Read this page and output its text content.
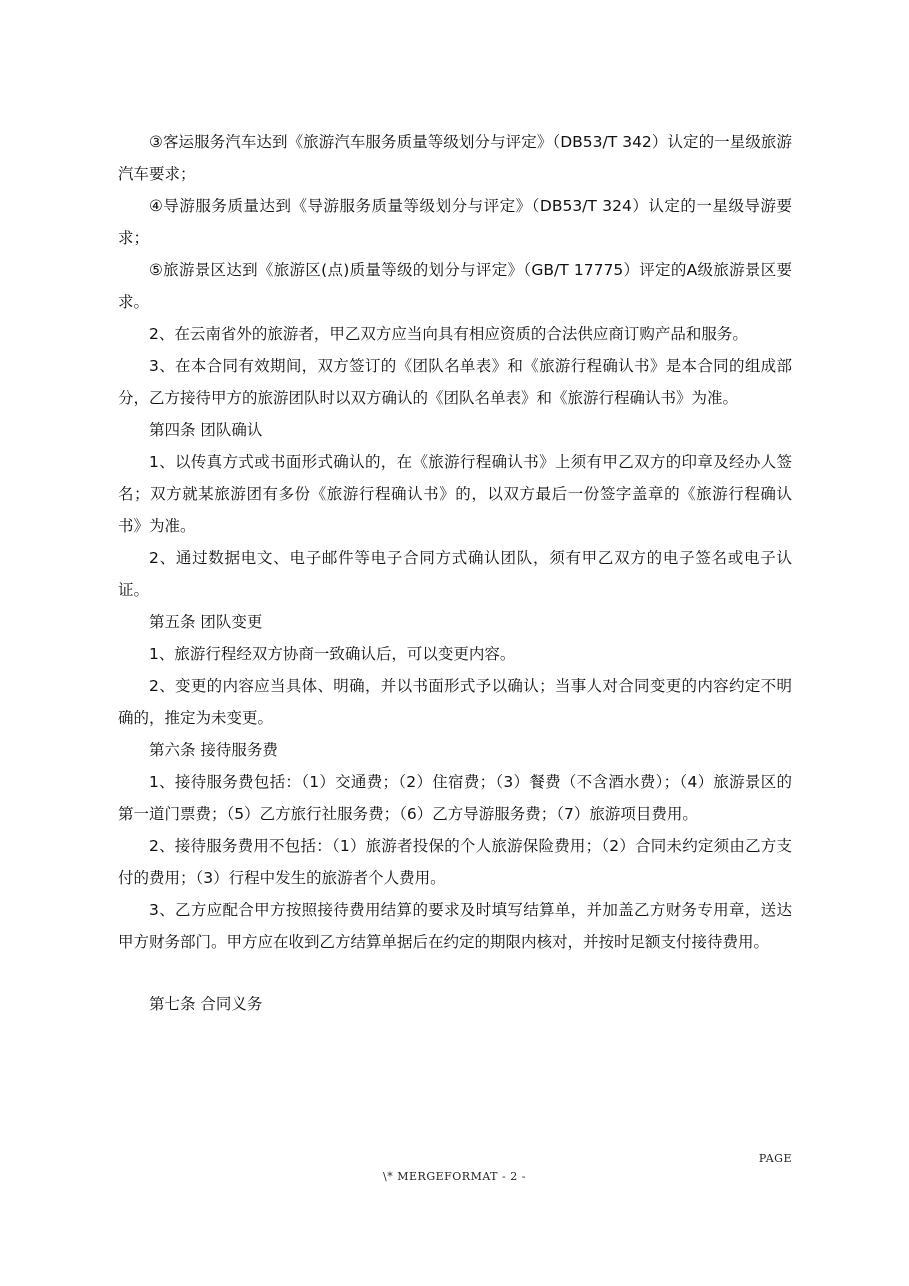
③客运服务汽车达到《旅游汽车服务质量等级划分与评定》（DB53/T 342）认定的一星级旅游汽车要求；

④导游服务质量达到《导游服务质量等级划分与评定》（DB53/T 324）认定的一星级导游要求；

⑤旅游景区达到《旅游区(点)质量等级的划分与评定》（GB/T 17775）评定的A级旅游景区要求。

2、在云南省外的旅游者，甲乙双方应当向具有相应资质的合法供应商订购产品和服务。

3、在本合同有效期间，双方签订的《团队名单表》和《旅游行程确认书》是本合同的组成部分，乙方接待甲方的旅游团队时以双方确认的《团队名单表》和《旅游行程确认书》为准。

第四条 团队确认

1、以传真方式或书面形式确认的，在《旅游行程确认书》上须有甲乙双方的印章及经办人签名；双方就某旅游团有多份《旅游行程确认书》的，以双方最后一份签字盖章的《旅游行程确认书》为准。

2、通过数据电文、电子邮件等电子合同方式确认团队，须有甲乙双方的电子签名或电子认证。

第五条 团队变更

1、旅游行程经双方协商一致确认后，可以变更内容。

2、变更的内容应当具体、明确，并以书面形式予以确认；当事人对合同变更的内容约定不明确的，推定为未变更。

第六条 接待服务费

1、接待服务费包括：（1）交通费；（2）住宿费；（3）餐费（不含酒水费）；（4）旅游景区的第一道门票费；（5）乙方旅行社服务费；（6）乙方导游服务费；（7）旅游项目费用。

2、接待服务费用不包括：（1）旅游者投保的个人旅游保险费用；（2）合同未约定须由乙方支付的费用；（3）行程中发生的旅游者个人费用。

3、乙方应配合甲方按照接待费用结算的要求及时填写结算单，并加盖乙方财务专用章，送达甲方财务部门。甲方应在收到乙方结算单据后在约定的期限内核对，并按时足额支付接待费用。

第七条 合同义务

PAGE
\* MERGEFORMAT - 2 -
